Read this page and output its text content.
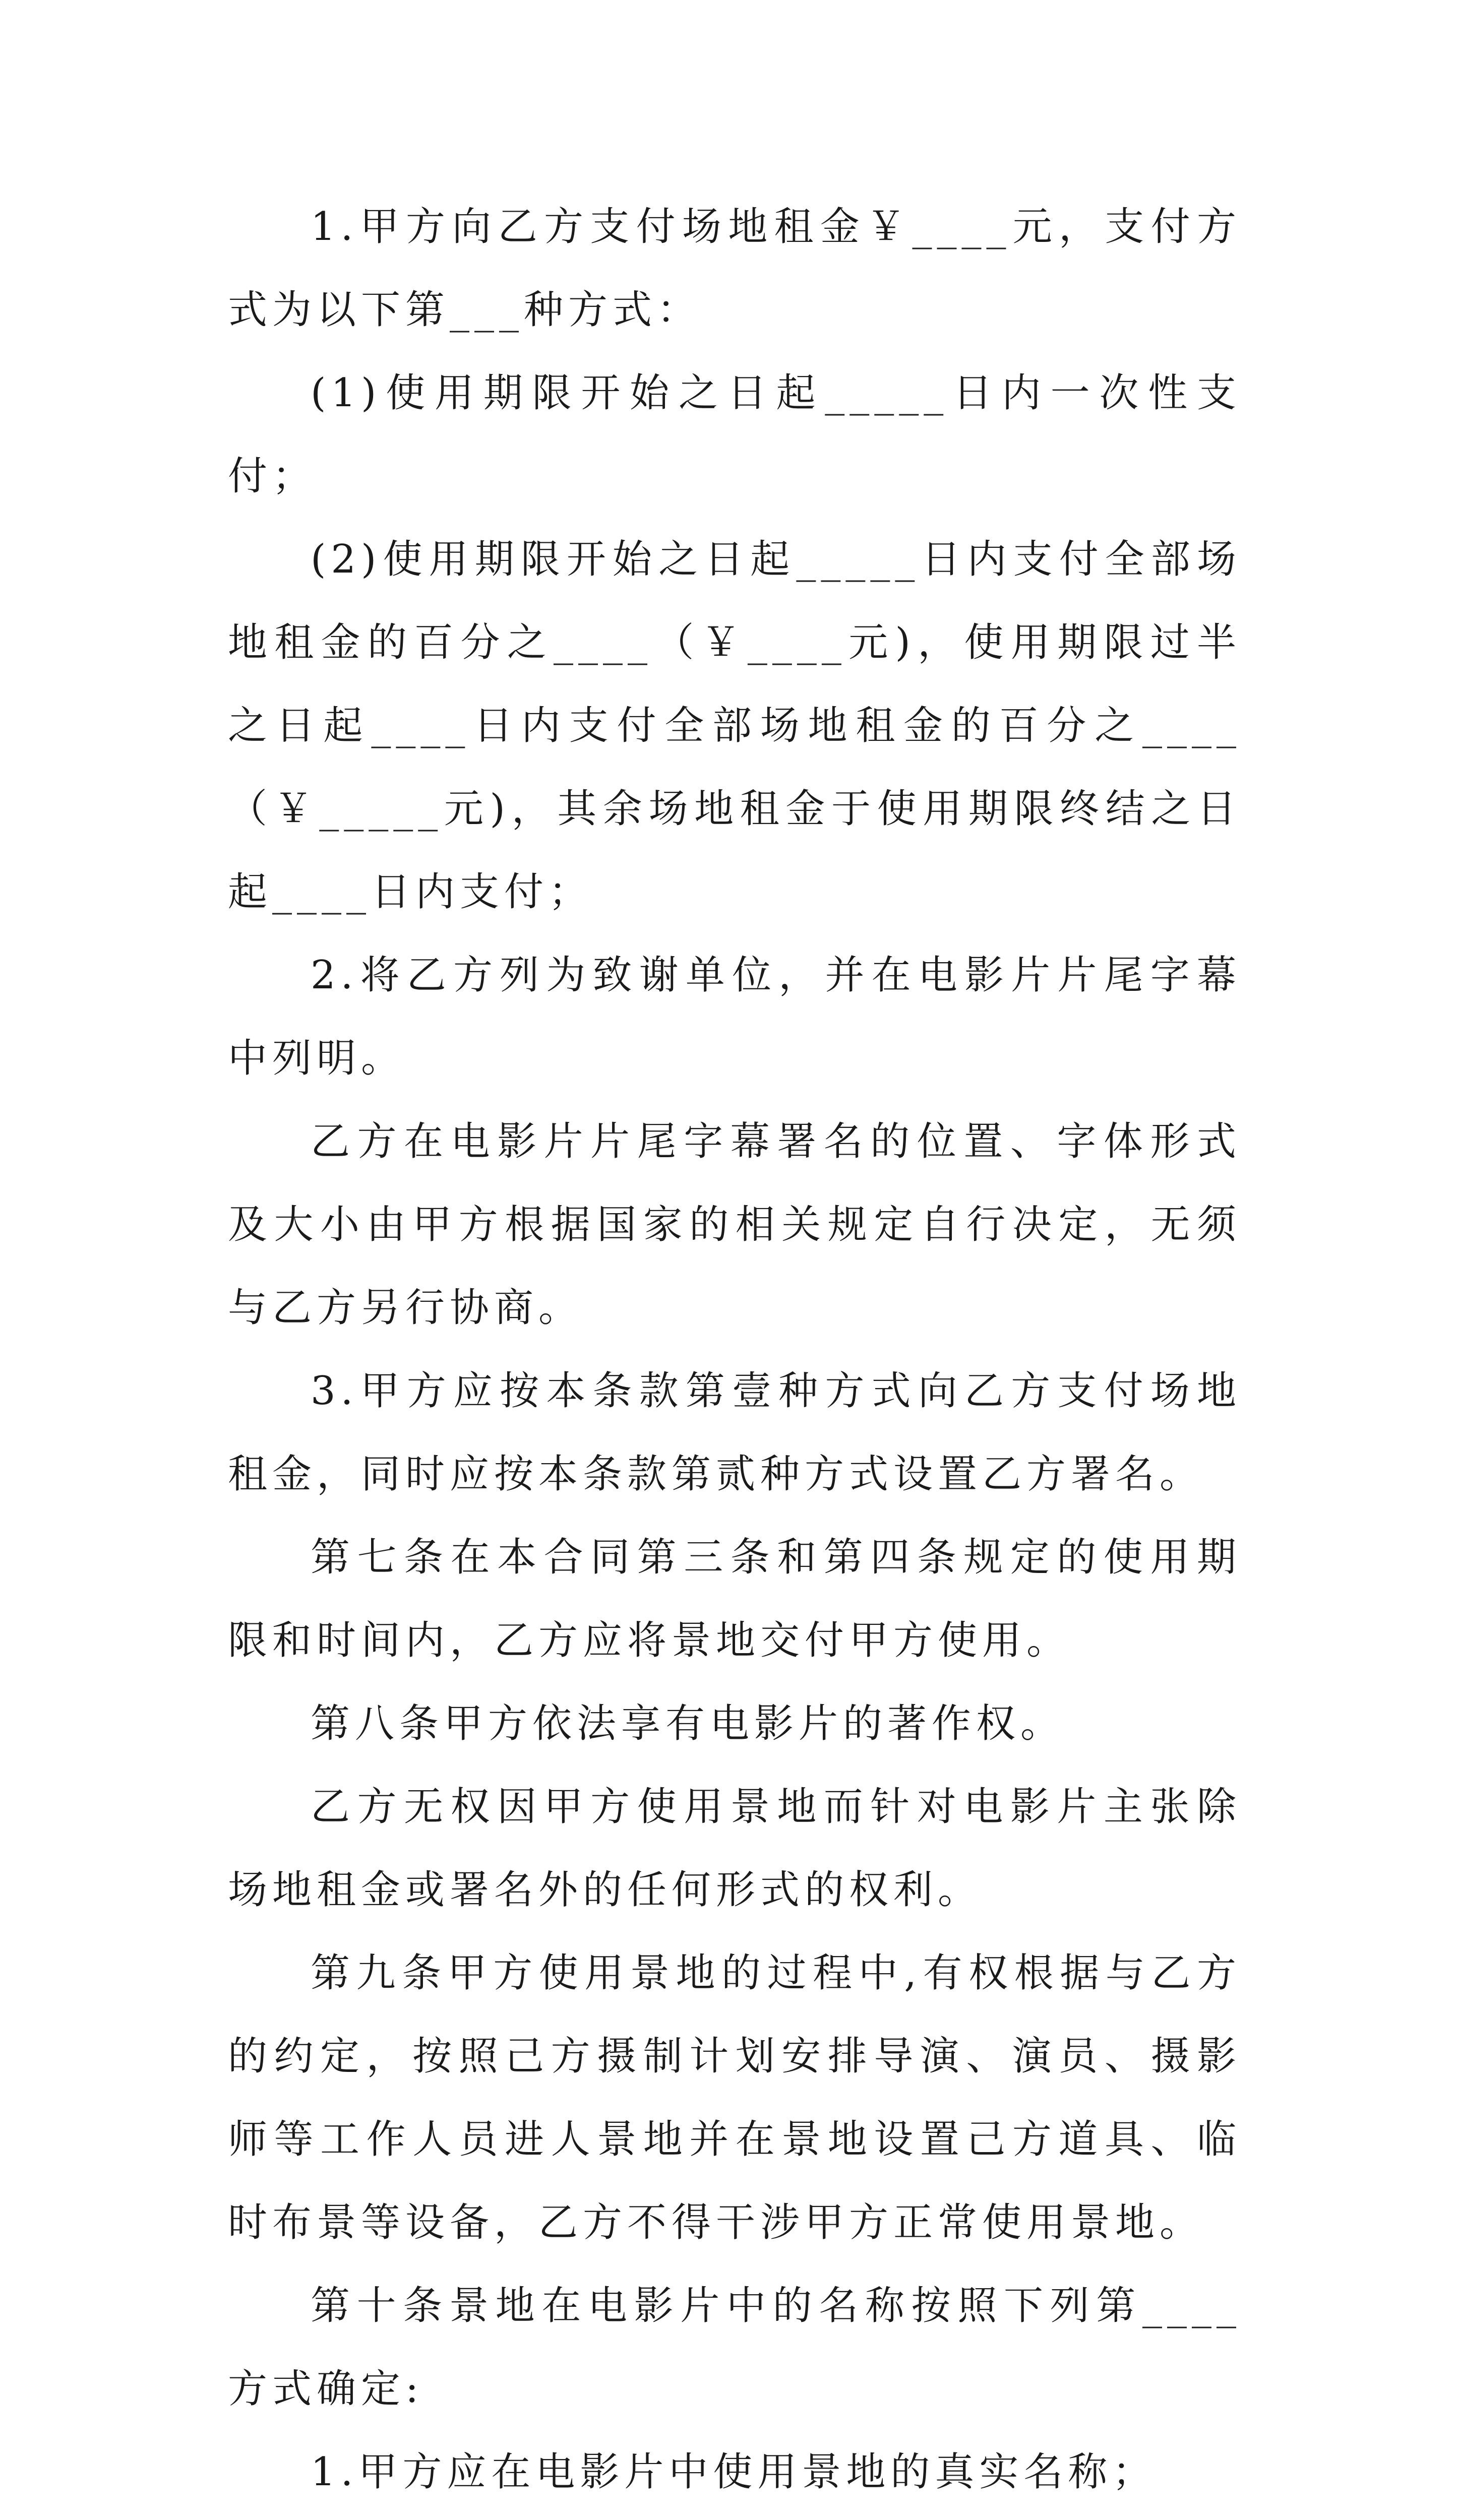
1.甲方向乙方支付场地租金￥____元，支付方式为以下第___种方式：

(1)使用期限开始之日起_____日内一次性支付；

(2)使用期限开始之日起_____日内支付全部场地租金的百分之____（￥____元)，使用期限过半之日起____日内支付全部场地租金的百分之____（￥_____元)，其余场地租金于使用期限终结之日起____日内支付；

2.将乙方列为致谢单位，并在电影片片尾字幕中列明。

乙方在电影片片尾字幕署名的位置、字体形式及大小由甲方根据国家的相关规定自行决定，无须与乙方另行协商。

3.甲方应按本条款第壹种方式向乙方支付场地租金，同时应按本条款第贰种方式设置乙方署名。

第七条在本合同第三条和第四条规定的使用期限和时间内，乙方应将景地交付甲方使用。

第八条甲方依法享有电影片的著作权。

乙方无权因甲方使用景地而针对电影片主张除场地租金或署名外的任何形式的权利。

第九条甲方使用景地的过程中,有权根据与乙方的约定，按照己方摄制计划安排导演、演员、摄影师等工作人员进人景地并在景地设置己方道具、临时布景等设备，乙方不得干涉甲方正常使用景地。

第十条景地在电影片中的名称按照下列第____方式确定:

1.甲方应在电影片中使用景地的真实名称；
